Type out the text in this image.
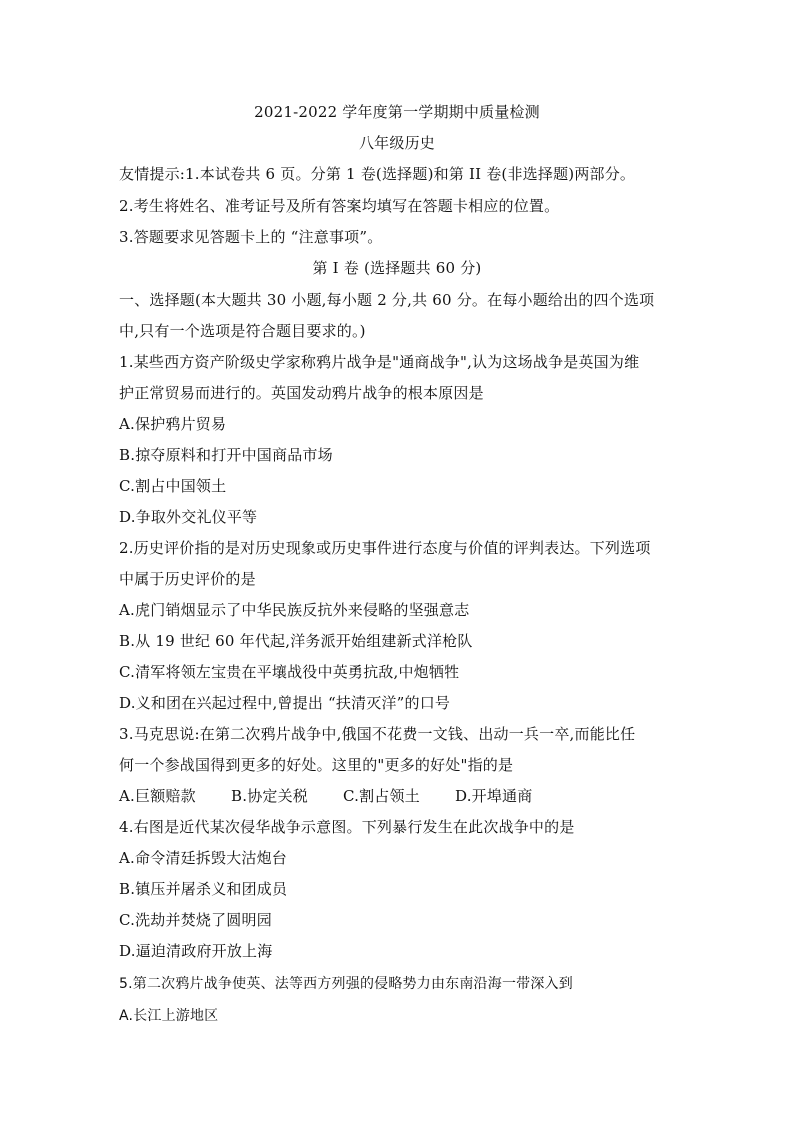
2021-2022 学年度第一学期期中质量检测
八年级历史
友情提示:1.本试卷共 6 页。分第 1 卷(选择题)和第 II 卷(非选择题)两部分。
2.考生将姓名、准考证号及所有答案均填写在答题卡相应的位置。
3.答题要求见答题卡上的 “注意事项”。
第 I 卷 (选择题共 60 分)
一、选择题(本大题共 30 小题,每小题 2 分,共 60 分。在每小题给出的四个选项
中,只有一个选项是符合题目要求的。)
1.某些西方资产阶级史学家称鸦片战争是"通商战争",认为这场战争是英国为维
护正常贸易而进行的。英国发动鸦片战争的根本原因是
A.保护鸦片贸易
B.掠夺原料和打开中国商品市场
C.割占中国领土
D.争取外交礼仪平等
2.历史评价指的是对历史现象或历史事件进行态度与价值的评判表达。下列选项
中属于历史评价的是
A.虎门销烟显示了中华民族反抗外来侵略的坚强意志
B.从 19 世纪 60 年代起,洋务派开始组建新式洋枪队
C.清军将领左宝贵在平壤战役中英勇抗敌,中炮牺牲
D.义和团在兴起过程中,曾提出 “扶清灭洋”的口号
3.马克思说:在第二次鸦片战争中,俄国不花费一文钱、出动一兵一卒,而能比任
何一个参战国得到更多的好处。这里的"更多的好处"指的是
A.巨额赔款 B.协定关税 C.割占领土 D.开埠通商
4.右图是近代某次侵华战争示意图。下列暴行发生在此次战争中的是
A.命令清廷拆毁大沽炮台
B.镇压并屠杀义和团成员
C.洗劫并焚烧了圆明园
D.逼迫清政府开放上海
5.第二次鸦片战争使英、法等西方列强的侵略势力由东南沿海一带深入到
A.长江上游地区
